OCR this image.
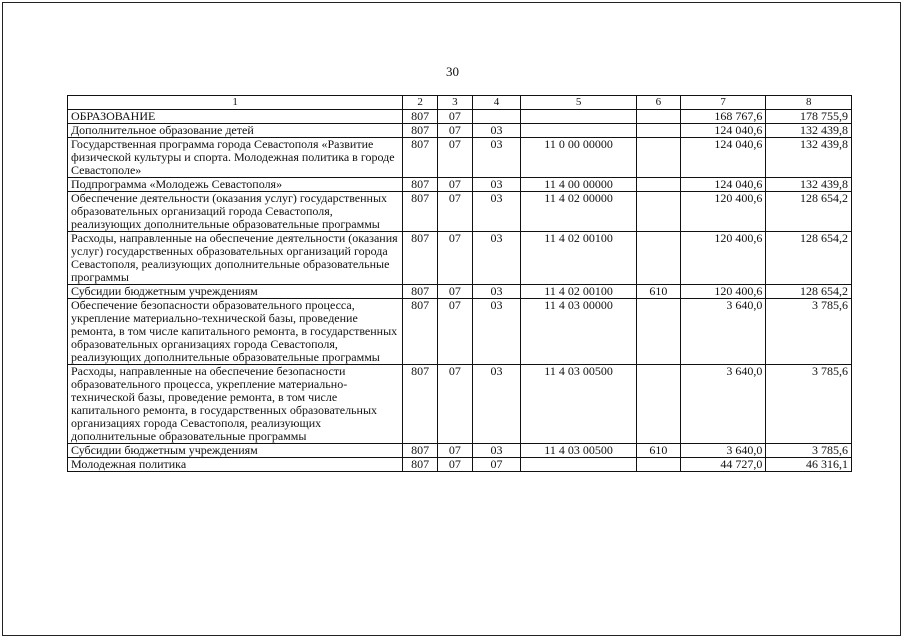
30
1	2	3	4	5	6	7	8
ОБРАЗОВАНИЕ	807	07				168 767,6	178 755,9
Дополнительное образование детей	807	07	03			124 040,6	132 439,8
Государственная программа города Севастополя «Развитие физической культуры и спорта. Молодежная политика в городе Севастополе»	807	07	03	11 0 00 00000		124 040,6	132 439,8
Подпрограмма «Молодежь Севастополя»	807	07	03	11 4 00 00000		124 040,6	132 439,8
Обеспечение деятельности (оказания услуг) государственных образовательных организаций города Севастополя, реализующих дополнительные образовательные программы	807	07	03	11 4 02 00000		120 400,6	128 654,2
Расходы, направленные на обеспечение деятельности (оказания услуг) государственных образовательных организаций города Севастополя, реализующих дополнительные образовательные программы	807	07	03	11 4 02 00100		120 400,6	128 654,2
Субсидии бюджетным учреждениям	807	07	03	11 4 02 00100	610	120 400,6	128 654,2
Обеспечение безопасности образовательного процесса, укрепление материально-технической базы, проведение ремонта, в том числе капитального ремонта, в государственных образовательных организациях города Севастополя, реализующих дополнительные образовательные программы	807	07	03	11 4 03 00000		3 640,0	3 785,6
Расходы, направленные на обеспечение безопасности образовательного процесса, укрепление материально-технической базы, проведение ремонта, в том числе капитального ремонта, в государственных образовательных организациях города Севастополя, реализующих дополнительные образовательные программы	807	07	03	11 4 03 00500		3 640,0	3 785,6
Субсидии бюджетным учреждениям	807	07	03	11 4 03 00500	610	3 640,0	3 785,6
Молодежная политика	807	07	07			44 727,0	46 316,1
